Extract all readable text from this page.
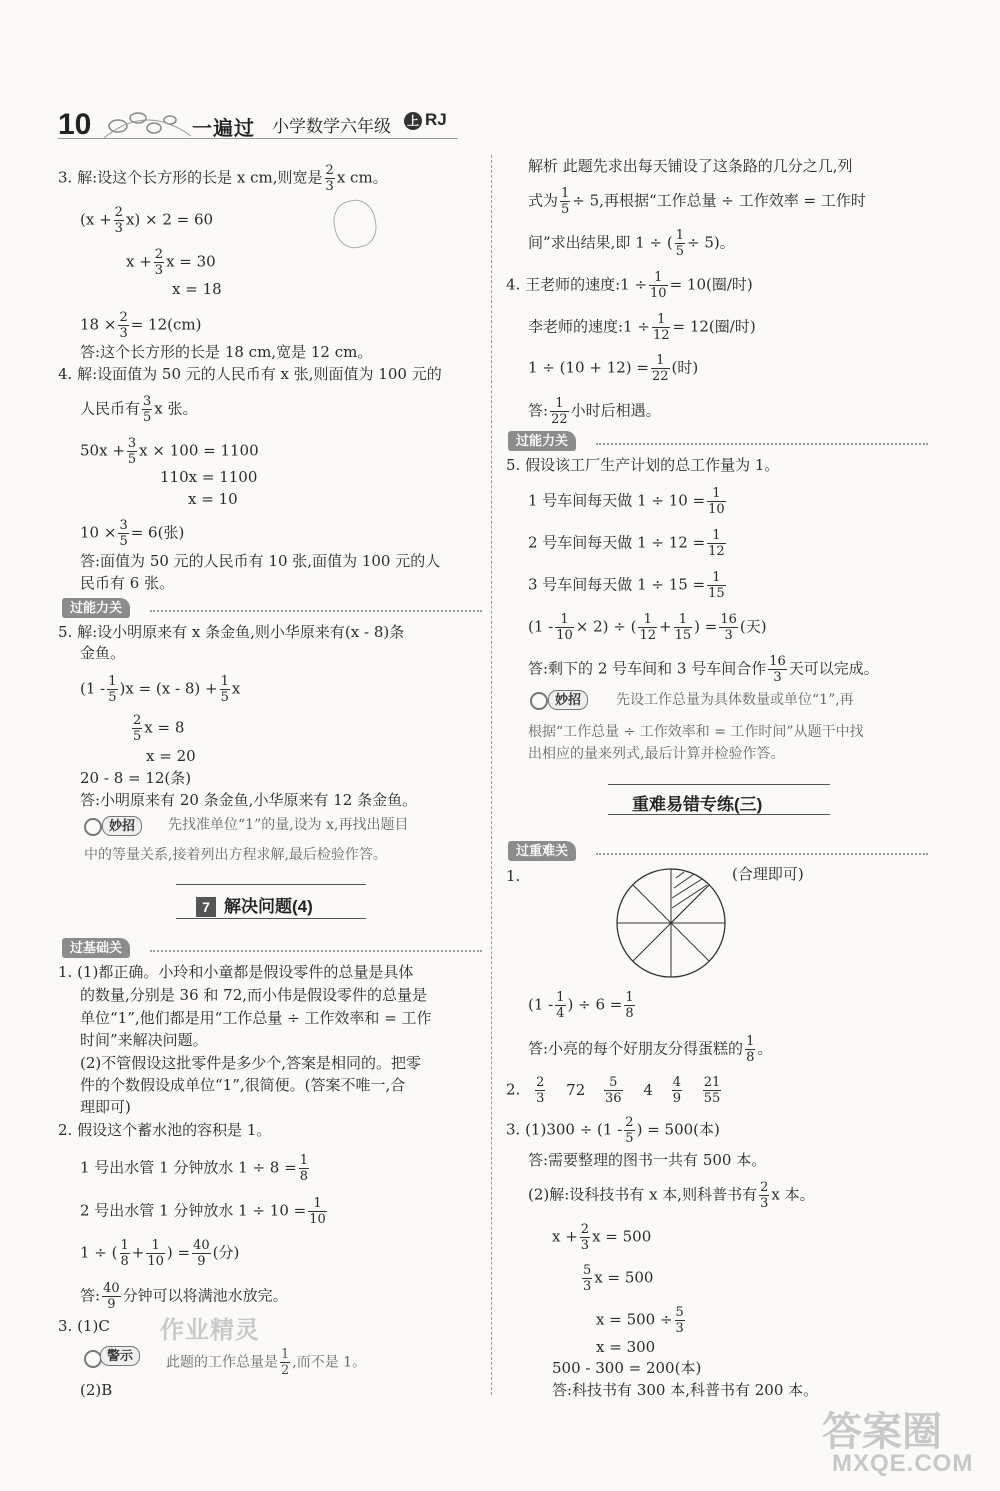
10	一遍过 小学数学六年级 上 RJ
3. 解:设这个长方形的长是 x cm,则宽是 $\frac{2}{3}$ x cm。
$(x + \frac{2}{3} x) \times 2 = 60$
$x + \frac{2}{3}$ x = 30
x = 18
$18 \times \frac{2}{3} = 12(cm)$
答:这个长方形的长是 18 cm,宽是 12 cm。
4. 解:设面值为 50 元的人民币有 x 张,则面值为 100 元的
人民币有 $\frac{3}{5}$ x 张。
$50x + \frac{3}{5}$ x × 100 = 1100
110x = 1100
x = 10
$10 \times \frac{3}{5} = 6$(张)
答:面值为 50 元的人民币有 10 张,面值为 100 元的人
民币有 6 张。
过能力关
5. 解:设小明原来有 x 条金鱼,则小华原来有(x - 8)条
金鱼。
$(1 - \frac{1}{5} )x = (x - 8) + \frac{1}{5}$ x
$\frac{2}{5}$ x = 8
x = 20
20 - 8 = 12(条)
答:小明原来有 20 条金鱼,小华原来有 12 条金鱼。
妙招	先找准单位“1”的量,设为 x,再找出题目
中的等量关系,接着列出方程求解,最后检验作答。
7 解决问题(4)
过基础关
1. (1)都正确。小玲和小童都是假设零件的总量是具体
的数量,分别是 36 和 72,而小伟是假设零件的总量是
单位“1”,他们都是用“工作总量 ÷ 工作效率和 = 工作
时间”来解决问题。
(2)不管假设这批零件是多少个,答案是相同的。把零
件的个数假设成单位“1”,很简便。(答案不唯一,合
理即可)
2. 假设这个蓄水池的容积是 1。
1 号出水管 1 分钟放水 $1 \div 8 = \frac{1}{8}$
2 号出水管 1 分钟放水 $1 \div 10 = \frac{1}{10}$
1 ÷ ( $\frac{1}{8} + \frac{1}{10}$ ) = $\frac{40}{9}$ (分)
答: $\frac{40}{9}$ 分钟可以将满池水放完。
作业精灵
3. (1)C
警示	此题的工作总量是 $\frac{1}{2}$ ,而不是 1。
(2)B
解析 此题先求出每天铺设了这条路的几分之几,列
式为 $\frac{1}{5} \div 5$,再根据“工作总量 ÷ 工作效率 = 工作时
间”求出结果,即 1 ÷ ( $\frac{1}{5} \div 5$)。
4. 王老师的速度:1 ÷ $\frac{1}{10} = 10$(圈/时)
李老师的速度:1 ÷ $\frac{1}{12} = 12$(圈/时)
$1 \div (10 + 12) = \frac{1}{22}$ (时)
答: $\frac{1}{22}$ 小时后相遇。
过能力关
5. 假设该工厂生产计划的总工作量为 1。
1 号车间每天做 $1 \div 10 = \frac{1}{10}$
2 号车间每天做 $1 \div 12 = \frac{1}{12}$
3 号车间每天做 $1 \div 15 = \frac{1}{15}$
$(1 - \frac{1}{10} \times 2)$ ÷ ( $\frac{1}{12} + \frac{1}{15}$ ) = $\frac{16}{3}$ (天)
答:剩下的 2 号车间和 3 号车间合作 $\frac{16}{3}$ 天可以完成。
妙招	先设工作总量为具体数量或单位“1”,再
根据“工作总量 ÷ 工作效率和 = 工作时间”从题干中找
出相应的量来列式,最后计算并检验作答。
重难易错专练(三)
过重难关
1.	(合理即可)
($1 - \frac{1}{4}$ ) ÷ $6 = \frac{1}{8}$
答:小亮的每个好朋友分得蛋糕的 $\frac{1}{8}$ 。
2. $\frac{2}{3} 72 \frac{5}{36} 4 \frac{4}{9}$
$\frac{21}{55}$
3. $(1)300 \div (1 - \frac{2}{5}$ ) = 500(本)
答:需要整理的图书一共有 500 本。
(2)解:设科技书有 x 本,则科普书有 $\frac{2}{3}$ x 本。
$x + \frac{2}{3}$ x = 500
$\frac{5}{3}$ x = 500
$x = 500 \div \frac{5}{3}$
x = 300
500 - 300 = 200(本)
答:科技书有 300 本,科普书有 200 本。
答案圈
MXQE.COM
